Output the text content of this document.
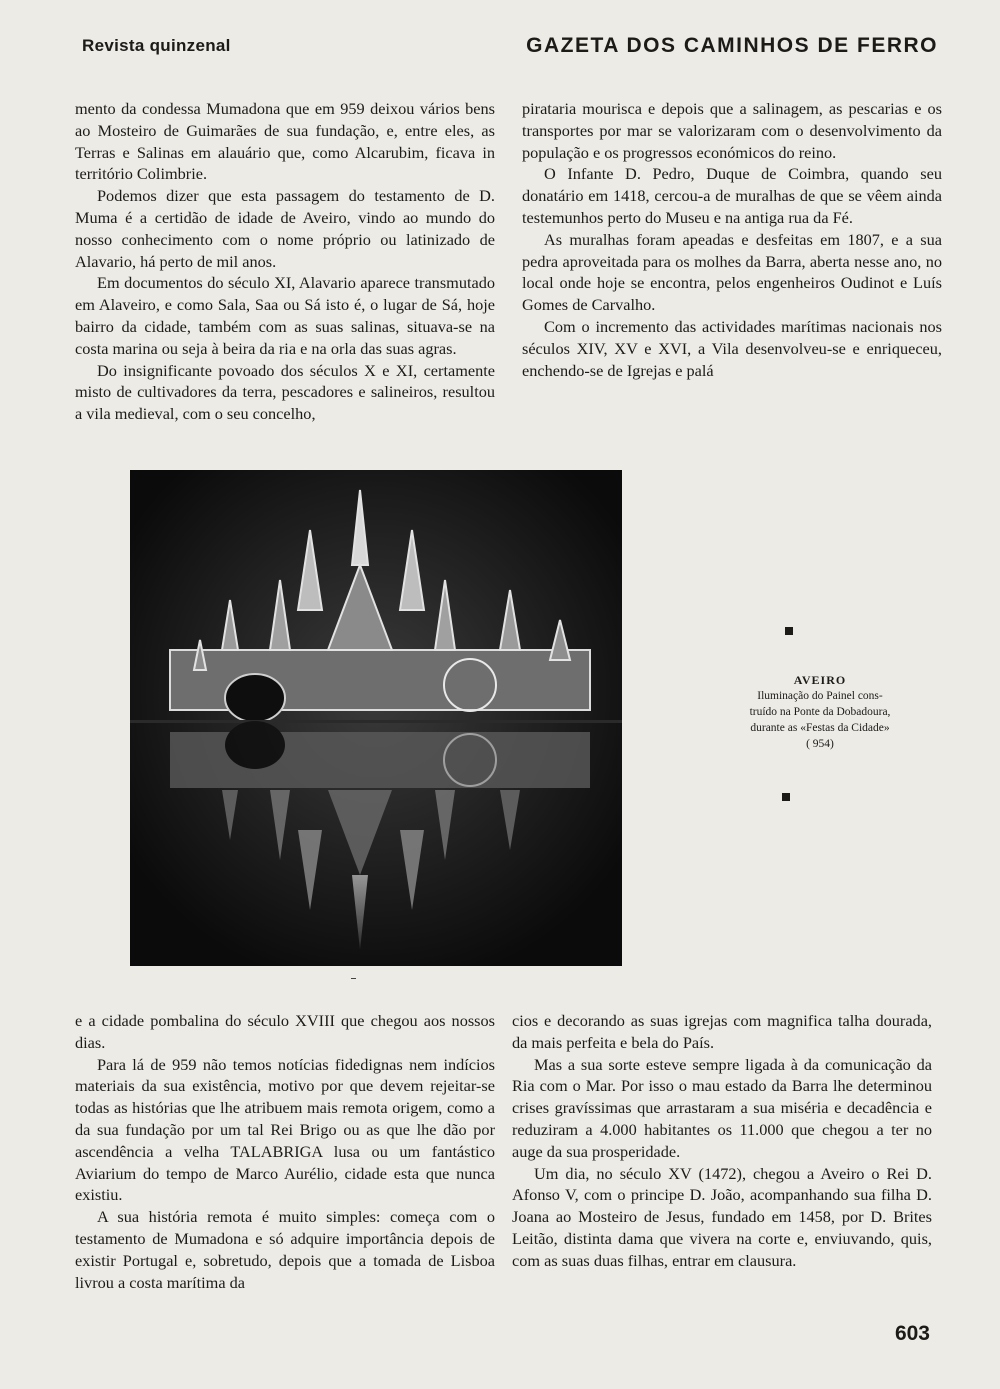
Revista quinzenal	GAZETA DOS CAMINHOS DE FERRO

mento da condessa Mumadona que em 959 deixou vários bens ao Mosteiro de Guimarães de sua fundação, e, entre eles, as Terras e Salinas em alauário que, como Alcarubim, ficava in território Colimbrie.

Podemos dizer que esta passagem do testamento de D. Muma é a certidão de idade de Aveiro, vindo ao mundo do nosso conhecimento com o nome próprio ou latinizado de Alavario, há perto de mil anos.

Em documentos do século XI, Alavario aparece transmutado em Alaveiro, e como Sala, Saa ou Sá isto é, o lugar de Sá, hoje bairro da cidade, também com as suas salinas, situava-se na costa marina ou seja à beira da ria e na orla das suas agras.

Do insignificante povoado dos séculos X e XI, certamente misto de cultivadores da terra, pescadores e salineiros, resultou a vila medieval, com o seu concelho,

pirataria mourisca e depois que a salinagem, as pescarias e os transportes por mar se valorizaram com o desenvolvimento da população e os progressos económicos do reino.

O Infante D. Pedro, Duque de Coimbra, quando seu donatário em 1418, cercou-a de muralhas de que se vêem ainda testemunhos perto do Museu e na antiga rua da Fé.

As muralhas foram apeadas e desfeitas em 1807, e a sua pedra aproveitada para os molhes da Barra, aberta nesse ano, no local onde hoje se encontra, pelos engenheiros Oudinot e Luís Gomes de Carvalho.

Com o incremento das actividades marítimas nacionais nos séculos XIV, XV e XVI, a Vila desenvolveu-se e enriqueceu, enchendo-se de Igrejas e palá

AVEIRO
Iluminação do Painel cons-
truído na Ponte da Dobadoura,
durante as «Festas da Cidade»
( 954)

e a cidade pombalina do século XVIII que chegou aos nossos dias.

Para lá de 959 não temos notícias fidedignas nem indícios materiais da sua existência, motivo por que devem rejeitar-se todas as histórias que lhe atribuem mais remota origem, como a da sua fundação por um tal Rei Brigo ou as que lhe dão por ascendência a velha TALABRIGA lusa ou um fantástico Aviarium do tempo de Marco Aurélio, cidade esta que nunca existiu.

A sua história remota é muito simples: começa com o testamento de Mumadona e só adquire importância depois de existir Portugal e, sobretudo, depois que a tomada de Lisboa livrou a costa marítima da

cios e decorando as suas igrejas com magnifica talha dourada, da mais perfeita e bela do País.

Mas a sua sorte esteve sempre ligada à da comunicação da Ria com o Mar. Por isso o mau estado da Barra lhe determinou crises gravíssimas que arrastaram a sua miséria e decadência e reduziram a 4.000 habitantes os 11.000 que chegou a ter no auge da sua prosperidade.

Um dia, no século XV (1472), chegou a Aveiro o Rei D. Afonso V, com o principe D. João, acompanhando sua filha D. Joana ao Mosteiro de Jesus, fundado em 1458, por D. Brites Leitão, distinta dama que vivera na corte e, enviuvando, quis, com as suas duas filhas, entrar em clausura.

603
